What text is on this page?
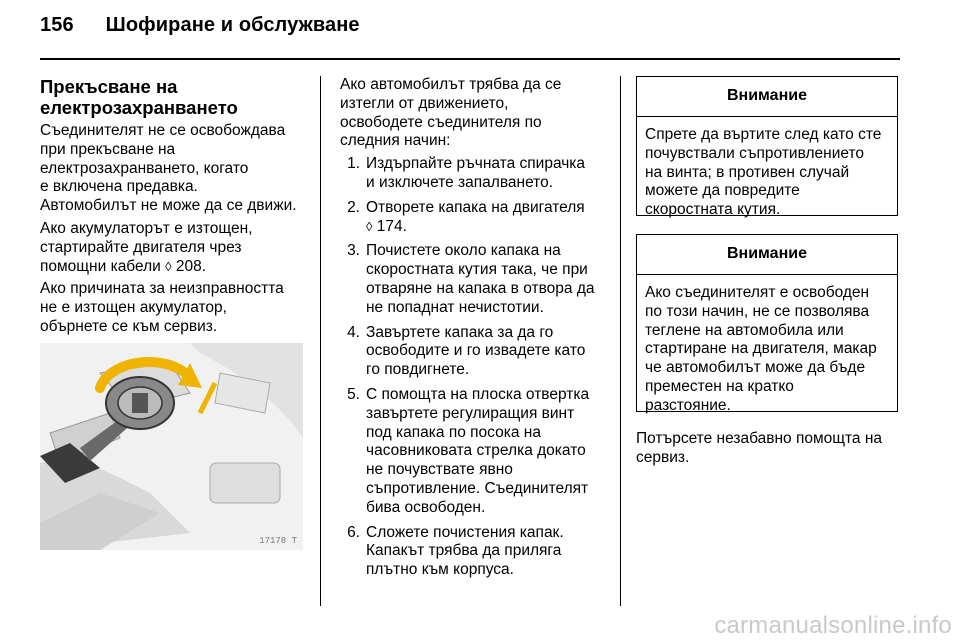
156 Шофиране и обслужване
Прекъсване на
електрозахранването

Съединителят не се освобождава
при прекъсване на
електрозахранването, когато
е включена предавка.
Автомобилът не може да се движи.

Ако акумулаторът е изтощен,
стартирайте двигателя чрез
помощни кабели ◊ 208.

Ако причината за неизправността
не е изтощен акумулатор,
обърнете се към сервиз.

17178 T
Ако автомобилът трябва да се
изтегли от движението,
освободете съединителя по
следния начин:
1. Издърпайте ръчната спирачка
и изключете запалването.
2. Отворете капака на двигателя
◊ 174.
3. Почистете около капака на
скоростната кутия така, че при
отваряне на капака в отвора да
не попаднат нечистотии.
4. Завъртете капака за да го
освободите и го извадете като
го повдигнете.
5. С помощта на плоска отвертка
завъртете регулиращия винт
под капака по посока на
часовниковата стрелка докато
не почувствате явно
съпротивление. Съединителят
бива освободен.
6. Сложете почистения капак.
Капакът трябва да приляга
плътно към корпуса.
Внимание
Спрете да въртите след като сте
почувствали съпротивлението
на винта; в противен случай
можете да повредите
скоростната кутия.
Внимание
Ако съединителят е освободен
по този начин, не се позволява
теглене на автомобила или
стартиране на двигателя, макар
че автомобилът може да бъде
преместен на кратко
разстояние.
Потърсете незабавно помощта на
сервиз.
carmanualsonline.info
